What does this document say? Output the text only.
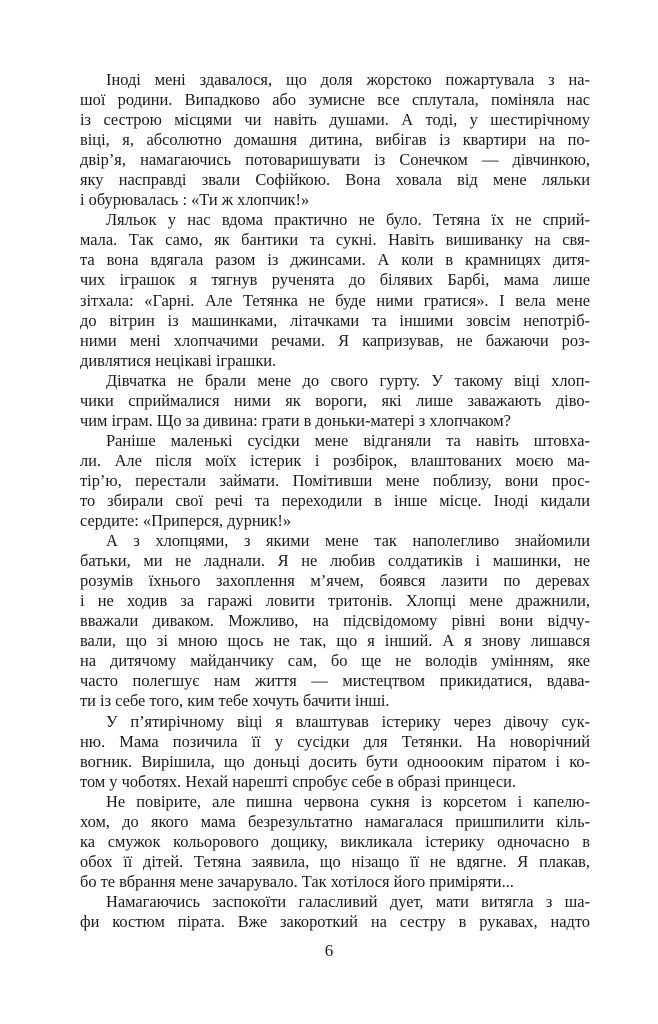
Іноді мені здавалося, що доля жорстоко пожартувала з на-
шої родини. Випадково або зумисне все сплутала, поміняла нас
із сестрою місцями чи навіть душами. А тоді, у шестирічному
віці, я, абсолютно домашня дитина, вибігав із квартири на по-
двір’я, намагаючись потоваришувати із Сонечком — дівчинкою,
яку насправді звали Софійкою. Вона ховала від мене ляльки
і обурювалась : «Ти ж хлопчик!»
Ляльок у нас вдома практично не було. Тетяна їх не сприй-
мала. Так само, як бантики та сукні. Навіть вишиванку на свя-
та вона вдягала разом із джинсами. А коли в крамницях дитя-
чих іграшок я тягнув рученята до білявих Барбі, мама лише
зітхала: «Гарні. Але Тетянка не буде ними гратися». І вела мене
до вітрин із машинками, літачками та іншими зовсім непотріб-
ними мені хлопчачими речами. Я капризував, не бажаючи роз-
дивлятися нецікаві іграшки.
Дівчатка не брали мене до свого гурту. У такому віці хлоп-
чики сприймалися ними як вороги, які лише заважають діво-
чим іграм. Що за дивина: грати в доньки-матері з хлопчаком?
Раніше маленькі сусідки мене відганяли та навіть штовха-
ли. Але після моїх істерик і розбірок, влаштованих моєю ма-
тір’ю, перестали займати. Помітивши мене поблизу, вони прос-
то збирали свої речі та переходили в інше місце. Іноді кидали
сердите: «Приперся, дурник!»
А з хлопцями, з якими мене так наполегливо знайомили
батьки, ми не ладнали. Я не любив солдатиків і машинки, не
розумів їхнього захоплення м’ячем, боявся лазити по деревах
і не ходив за гаражі ловити тритонів. Хлопці мене дражнили,
вважали диваком. Можливо, на підсвідомому рівні вони відчу-
вали, що зі мною щось не так, що я інший. А я знову лишався
на дитячому майданчику сам, бо ще не володів умінням, яке
часто полегшує нам життя — мистецтвом прикидатися, вдава-
ти із себе того, ким тебе хочуть бачити інші.
У п’ятирічному віці я влаштував істерику через дівочу сук-
ню. Мама позичила її у сусідки для Тетянки. На новорічний
вогник. Вирішила, що доньці досить бути одноооким піратом і ко-
том у чоботях. Нехай нарешті спробує себе в образі принцеси.
Не повірите, але пишна червона сукня із корсетом і капелю-
хом, до якого мама безрезультатно намагалася пришпилити кіль-
ка смужок кольорового дощику, викликала істерику одночасно в
обох її дітей. Тетяна заявила, що нізащо її не вдягне. Я плакав,
бо те вбрання мене зачарувало. Так хотілося його приміряти...
Намагаючись заспокоїти галасливий дует, мати витягла з ша-
фи костюм пірата. Вже закороткий на сестру в рукавах, надто
6
